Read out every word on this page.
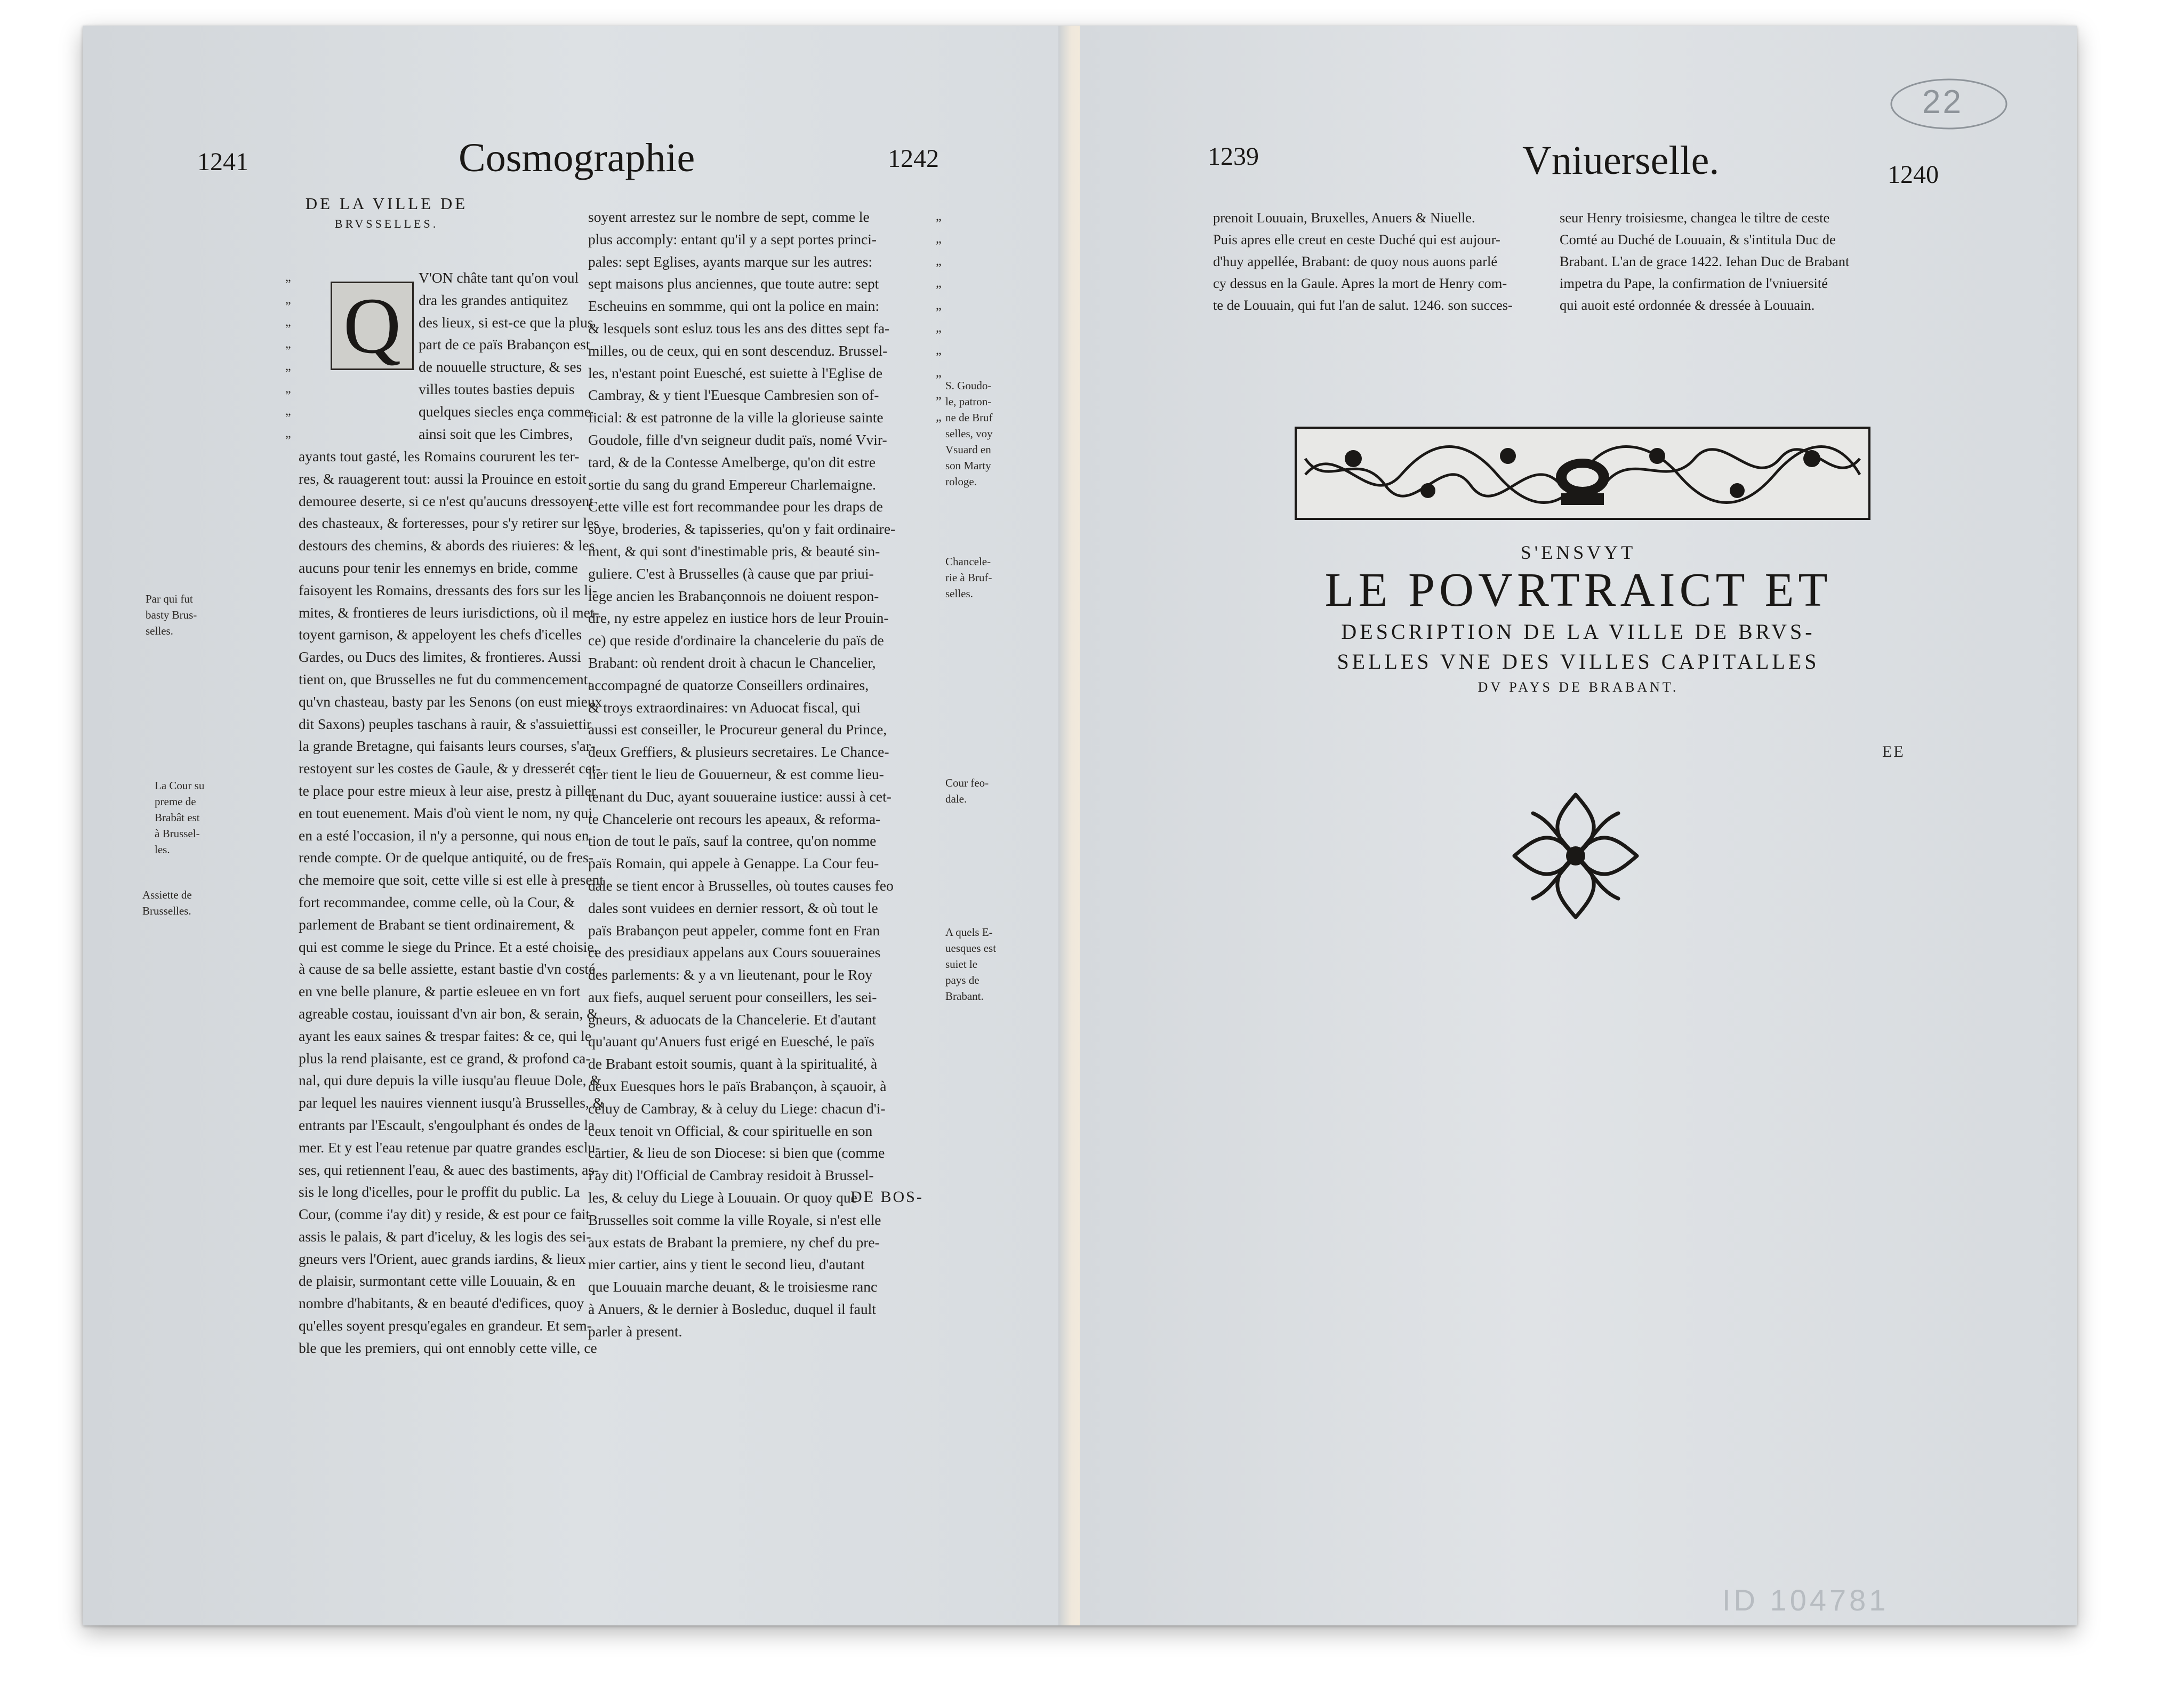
1241	Cosmographie	1242
DE LA VILLE DE
BRVSSELLES.
Q

V'ON châte tant qu'on voul

dra les grandes antiquitez

des lieux, si est-ce que la plus

part de ce païs Brabançon est

de nouuelle structure, & ses

villes toutes basties depuis

quelques siecles ença comme

ainsi soit que les Cimbres,

ayants tout gasté, les Romains coururent les ter-

res, & rauagerent tout: aussi la Prouince en estoit

demouree deserte, si ce n'est qu'aucuns dressoyent

des chasteaux, & forteresses, pour s'y retirer sur les

destours des chemins, & abords des riuieres: & les

aucuns pour tenir les ennemys en bride, comme

faisoyent les Romains, dressants des fors sur les li-

mites, & frontieres de leurs iurisdictions, où il met-

toyent garnison, & appeloyent les chefs d'icelles

Gardes, ou Ducs des limites, & frontieres. Aussi

tient on, que Brusselles ne fut du commencement,

qu'vn chasteau, basty par les Senons (on eust mieux

dit Saxons) peuples taschans à rauir, & s'assuiettir

la grande Bretagne, qui faisants leurs courses, s'ar-

restoyent sur les costes de Gaule, & y dresserét cet-

te place pour estre mieux à leur aise, prestz à piller

en tout euenement. Mais d'où vient le nom, ny qui

en a esté l'occasion, il n'y a personne, qui nous en

rende compte. Or de quelque antiquité, ou de fres-

che memoire que soit, cette ville si est elle à present

fort recommandee, comme celle, où la Cour, &

parlement de Brabant se tient ordinairement, &

qui est comme le siege du Prince. Et a esté choisie,

à cause de sa belle assiette, estant bastie d'vn costé

en vne belle planure, & partie esleuee en vn fort

agreable costau, iouissant d'vn air bon, & serain, &

ayant les eaux saines & trespar faites: & ce, qui le

plus la rend plaisante, est ce grand, & profond ca-

nal, qui dure depuis la ville iusqu'au fleuue Dole, &

par lequel les nauires viennent iusqu'à Brusselles, &

entrants par l'Escault, s'engoulphant és ondes de la

mer. Et y est l'eau retenue par quatre grandes esclu-

ses, qui retiennent l'eau, & auec des bastiments, as-

sis le long d'icelles, pour le proffit du public. La

Cour, (comme i'ay dit) y reside, & est pour ce fait

assis le palais, & part d'iceluy, & les logis des sei-

gneurs vers l'Orient, auec grands iardins, & lieux

de plaisir, surmontant cette ville Louuain, & en

nombre d'habitants, & en beauté d'edifices, quoy

qu'elles soyent presqu'egales en grandeur. Et sem-

ble que les premiers, qui ont ennobly cette ville, ce

„
„
„
„
„
„
„
„
Par qui fut
basty Brus-
selles.
La Cour su
preme de
Brabât est
à Brussel-
les.
Assiette de
Brusselles.

soyent arrestez sur le nombre de sept, comme le

plus accomply: entant qu'il y a sept portes princi-

pales: sept Eglises, ayants marque sur les autres:

sept maisons plus anciennes, que toute autre: sept

Escheuins en sommme, qui ont la police en main:

& lesquels sont esluz tous les ans des dittes sept fa-

milles, ou de ceux, qui en sont descenduz. Brussel-

les, n'estant point Euesché, est suiette à l'Eglise de

Cambray, & y tient l'Euesque Cambresien son of-

ficial: & est patronne de la ville la glorieuse sainte

Goudole, fille d'vn seigneur dudit païs, nomé Vvir-

tard, & de la Contesse Amelberge, qu'on dit estre

sortie du sang du grand Empereur Charlemaigne.

Cette ville est fort recommandee pour les draps de

soye, broderies, & tapisseries, qu'on y fait ordinaire-

ment, & qui sont d'inestimable pris, & beauté sin-

guliere. C'est à Brusselles (à cause que par priui-

lege ancien les Brabançonnois ne doiuent respon-

dre, ny estre appelez en iustice hors de leur Prouin-

ce) que reside d'ordinaire la chancelerie du païs de

Brabant: où rendent droit à chacun le Chancelier,

accompagné de quatorze Conseillers ordinaires,

& troys extraordinaires: vn Aduocat fiscal, qui

aussi est conseiller, le Procureur general du Prince,

deux Greffiers, & plusieurs secretaires. Le Chance-

lier tient le lieu de Gouuerneur, & est comme lieu-

tenant du Duc, ayant souueraine iustice: aussi à cet-

te Chancelerie ont recours les apeaux, & reforma-

tion de tout le païs, sauf la contree, qu'on nomme

païs Romain, qui appele à Genappe. La Cour feu-

dale se tient encor à Brusselles, où toutes causes feo

dales sont vuidees en dernier ressort, & où tout le

païs Brabançon peut appeler, comme font en Fran

ce des presidiaux appelans aux Cours souueraines

des parlements: & y a vn lieutenant, pour le Roy

aux fiefs, auquel seruent pour conseillers, les sei-

gneurs, & aduocats de la Chancelerie. Et d'autant

qu'auant qu'Anuers fust erigé en Euesché, le païs

de Brabant estoit soumis, quant à la spiritualité, à

deux Euesques hors le païs Brabançon, à sçauoir, à

celuy de Cambray, & à celuy du Liege: chacun d'i-

ceux tenoit vn Official, & cour spirituelle en son

cartier, & lieu de son Diocese: si bien que (comme

i'ay dit) l'Official de Cambray residoit à Brussel-

les, & celuy du Liege à Louuain. Or quoy que

Brusselles soit comme la ville Royale, si n'est elle

aux estats de Brabant la premiere, ny chef du pre-

mier cartier, ains y tient le second lieu, d'autant

que Louuain marche deuant, & le troisiesme ranc

à Anuers, & le dernier à Bosleduc, duquel il fault

parler à present.

„
„
„
„
„
„
„
„
„
„
S. Goudo-
le, patron-
ne de Bruf
selles, voy
Vsuard en
son Marty
rologe.
Chancele-
rie à Bruf-
selles.
Cour feo-
dale.
A quels E-
uesques est
suiet le
pays de
Brabant.
DE BOS-
1239	Vniuerselle.	1240

prenoit Louuain, Bruxelles, Anuers & Niuelle.

Puis apres elle creut en ceste Duché qui est aujour-

d'huy appellée, Brabant: de quoy nous auons parlé

cy dessus en la Gaule. Apres la mort de Henry com-

te de Louuain, qui fut l'an de salut. 1246. son succes-

seur Henry troisiesme, changea le tiltre de ceste

Comté au Duché de Louuain, & s'intitula Duc de

Brabant. L'an de grace 1422. Iehan Duc de Brabant

impetra du Pape, la confirmation de l'vniuersité

qui auoit esté ordonnée & dressée à Louuain.

22
ID 104781
S'ENSVYT
LE POVRTRAICT ET
DESCRIPTION DE LA VILLE DE BRVS-
SELLES VNE DES VILLES CAPITALLES
DV PAYS DE BRABANT.
EE
